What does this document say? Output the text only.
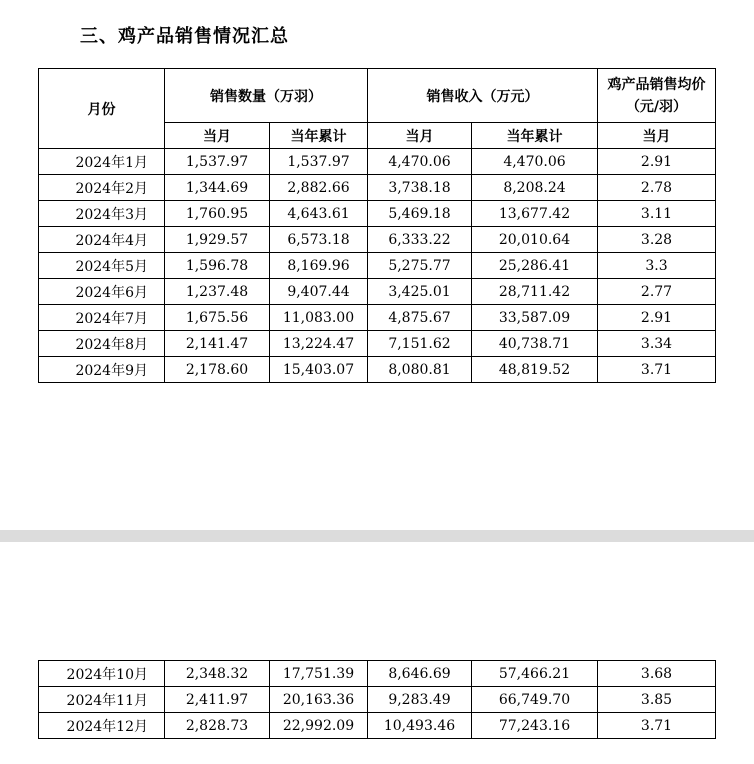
三、鸡产品销售情况汇总
月份	销售数量（万羽）		销售收入（万元）		鸡产品销售均价（元/羽）
	当月	当年累计	当月	当年累计	当月
2024年1月	1,537.97	1,537.97	4,470.06	4,470.06	2.91
2024年2月	1,344.69	2,882.66	3,738.18	8,208.24	2.78
2024年3月	1,760.95	4,643.61	5,469.18	13,677.42	3.11
2024年4月	1,929.57	6,573.18	6,333.22	20,010.64	3.28
2024年5月	1,596.78	8,169.96	5,275.77	25,286.41	3.3
2024年6月	1,237.48	9,407.44	3,425.01	28,711.42	2.77
2024年7月	1,675.56	11,083.00	4,875.67	33,587.09	2.91
2024年8月	2,141.47	13,224.47	7,151.62	40,738.71	3.34
2024年9月	2,178.60	15,403.07	8,080.81	48,819.52	3.71
2024年10月	2,348.32	17,751.39	8,646.69	57,466.21	3.68
2024年11月	2,411.97	20,163.36	9,283.49	66,749.70	3.85
2024年12月	2,828.73	22,992.09	10,493.46	77,243.16	3.71
